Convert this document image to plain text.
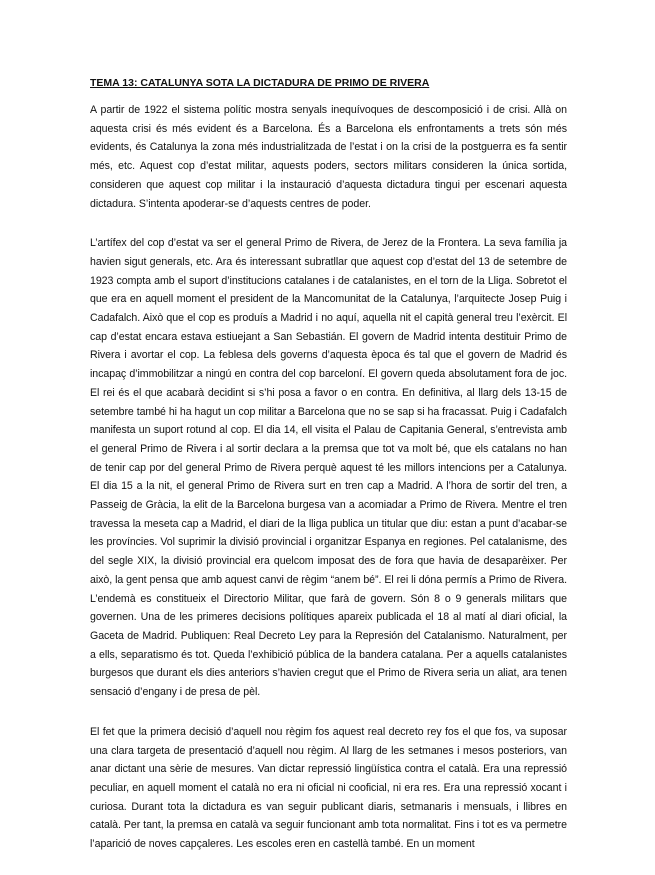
TEMA 13: CATALUNYA SOTA LA DICTADURA DE PRIMO DE RIVERA

A partir de 1922 el sistema polític mostra senyals inequívoques de descomposició i de crisi. Allà on aquesta crisi és més evident és a Barcelona. És a Barcelona els enfrontaments a trets són més evidents, és Catalunya la zona més industrialitzada de l’estat i on la crisi de la postguerra es fa sentir més, etc. Aquest cop d’estat militar, aquests poders, sectors militars consideren la única sortida, consideren que aquest cop militar i la instauració d’aquesta dictadura tingui per escenari aquesta dictadura. S’intenta apoderar-se d’aquests centres de poder.

L’artífex del cop d’estat va ser el general Primo de Rivera, de Jerez de la Frontera. La seva família ja havien sigut generals, etc. Ara és interessant subratllar que aquest cop d’estat del 13 de setembre de 1923 compta amb el suport d’institucions catalanes i de catalanistes, en el torn de la Lliga. Sobretot el que era en aquell moment el president de la Mancomunitat de la Catalunya, l’arquitecte Josep Puig i Cadafalch. Això que el cop es produís a Madrid i no aquí, aquella nit el capità general treu l’exèrcit. El cap d’estat encara estava estiuejant a San Sebastián. El govern de Madrid intenta destituir Primo de Rivera i avortar el cop. La feblesa dels governs d’aquesta època és tal que el govern de Madrid és incapaç d’immobilitzar a ningú en contra del cop barceloní. El govern queda absolutament fora de joc. El rei és el que acabarà decidint si s’hi posa a favor o en contra. En definitiva, al llarg dels 13-15 de setembre també hi ha hagut un cop militar a Barcelona que no se sap si ha fracassat. Puig i Cadafalch manifesta un suport rotund al cop. El dia 14, ell visita el Palau de Capitania General, s’entrevista amb el general Primo de Rivera i al sortir declara a la premsa que tot va molt bé, que els catalans no han de tenir cap por del general Primo de Rivera perquè aquest té les millors intencions per a Catalunya. El dia 15 a la nit, el general Primo de Rivera surt en tren cap a Madrid. A l’hora de sortir del tren, a Passeig de Gràcia, la elit de la Barcelona burgesa van a acomiadar a Primo de Rivera. Mentre el tren travessa la meseta cap a Madrid, el diari de la lliga publica un titular que diu: estan a punt d’acabar-se les províncies. Vol suprimir la divisió provincial i organitzar Espanya en regiones. Pel catalanisme, des del segle XIX, la divisió provincial era quelcom imposat des de fora que havia de desaparèixer. Per això, la gent pensa que amb aquest canvi de règim “anem bé”. El rei li dóna permís a Primo de Rivera. L’endemà es constitueix el Directorio Militar, que farà de govern. Són 8 o 9 generals militars que governen. Una de les primeres decisions polítiques apareix publicada el 18 al matí al diari oficial, la Gaceta de Madrid. Publiquen: Real Decreto Ley para la Represión del Catalanismo. Naturalment, per a ells, separatismo és tot. Queda l’exhibició pública de la bandera catalana. Per a aquells catalanistes burgesos que durant els dies anteriors s’havien cregut que el Primo de Rivera seria un aliat, ara tenen sensació d’engany i de presa de pèl.

El fet que la primera decisió d’aquell nou règim fos aquest real decreto rey fos el que fos, va suposar una clara targeta de presentació d’aquell nou règim. Al llarg de les setmanes i mesos posteriors, van anar dictant una sèrie de mesures. Van dictar repressió lingüística contra el català. Era una repressió peculiar, en aquell moment el català no era ni oficial ni cooficial, ni era res. Era una repressió xocant i curiosa. Durant tota la dictadura es van seguir publicant diaris, setmanaris i mensuals, i llibres en català. Per tant, la premsa en català va seguir funcionant amb tota normalitat. Fins i tot es va permetre l’aparició de noves capçaleres. Les escoles eren en castellà també. En un moment
